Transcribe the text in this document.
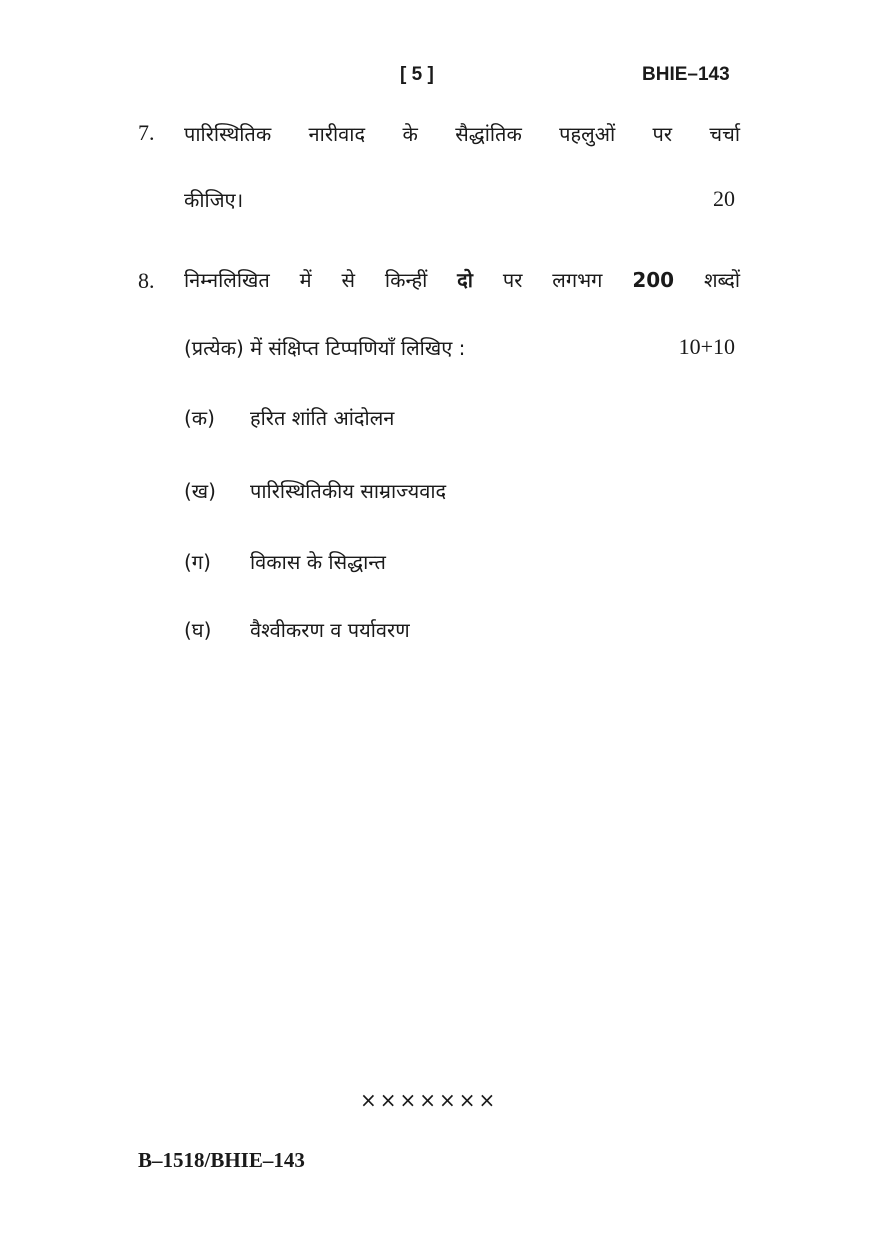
[ 5 ]	BHIE–143
7. पारिस्थितिक नारीवाद के सैद्धांतिक पहलुओं पर चर्चा
कीजिए।	20
8. निम्नलिखित में से किन्हीं दो पर लगभग 200 शब्दों
(प्रत्येक) में संक्षिप्त टिप्पणियाँ लिखिए :	10+10
(क) हरित शांति आंदोलन
(ख) पारिस्थितिकीय साम्राज्यवाद
(ग) विकास के सिद्धान्त
(घ) वैश्वीकरण व पर्यावरण
×××××××
B–1518/BHIE–143
